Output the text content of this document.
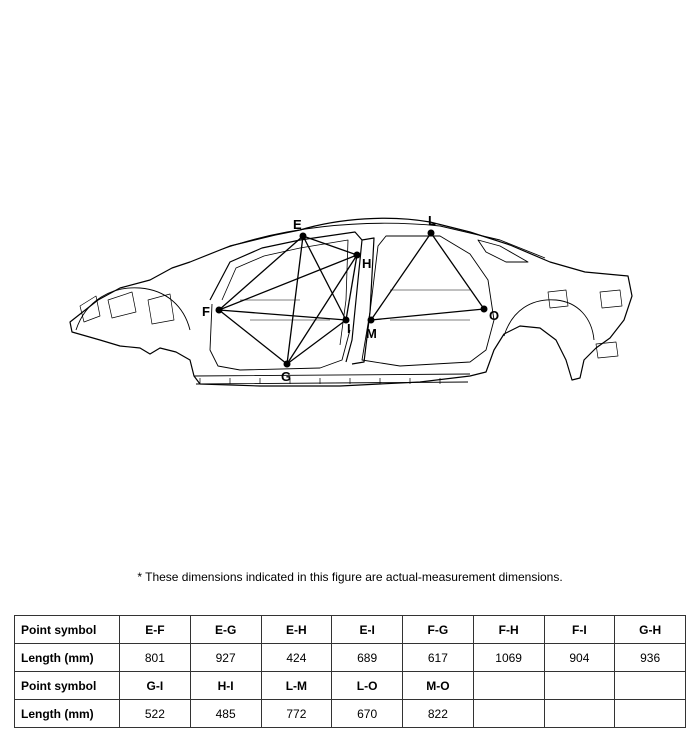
E
F
G
H
I
L
M
O
* These dimensions indicated in this figure are actual-measurement dimensions.
Point symbol	E-F	E-G	E-H	E-I	F-G	F-H	F-I	G-H
Length (mm)	801	927	424	689	617	1069	904	936
Point symbol	G-I	H-I	L-M	L-O	M-O			
Length (mm)	522	485	772	670	822			
